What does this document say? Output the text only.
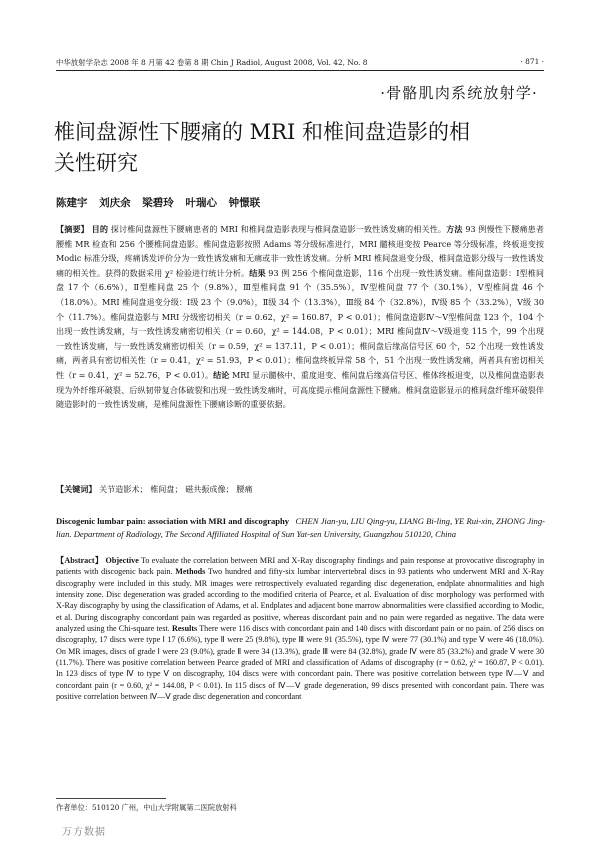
中华放射学杂志 2008 年 8 月第 42 卷第 8 期 Chin J Radiol, August 2008, Vol. 42, No. 8	· 871 ·
·骨骼肌肉系统放射学·
椎间盘源性下腰痛的 MRI 和椎间盘造影的相关性研究
陈建宇 刘庆余 梁碧玲 叶瑞心 钟憬联

【摘要】 目的 探讨椎间盘源性下腰痛患者的 MRI 和椎间盘造影表现与椎间盘造影一致性诱发痛的相关性。方法 93 例慢性下腰痛患者腰椎 MR 检查和 256 个腰椎间盘造影。椎间盘造影按照 Adams 等分级标准进行，MRI 髓核退变按 Pearce 等分级标准，终板退变按 Modic 标准分级，疼痛诱发评价分为一致性诱发痛和无痛或非一致性诱发痛。分析 MRI 椎间盘退变分级、椎间盘造影分级与一致性诱发痛的相关性。获得的数据采用 χ² 检验进行统计分析。结果 93 例 256 个椎间盘造影，116 个出现一致性诱发痛。椎间盘造影：Ⅰ型椎间盘 17 个（6.6%），Ⅱ型椎间盘 25 个（9.8%），Ⅲ型椎间盘 91 个（35.5%），Ⅳ型椎间盘 77 个（30.1%），Ⅴ型椎间盘 46 个（18.0%）。MRI 椎间盘退变分级：Ⅰ级 23 个（9.0%），Ⅱ级 34 个（13.3%），Ⅲ级 84 个（32.8%），Ⅳ级 85 个（33.2%），Ⅴ级 30 个（11.7%）。椎间盘造影与 MRI 分级密切相关（r = 0.62，χ² = 160.87，P < 0.01）；椎间盘造影Ⅳ～Ⅴ型椎间盘 123 个，104 个出现一致性诱发痛，与一致性诱发痛密切相关（r = 0.60，χ² = 144.08，P < 0.01）；MRI 椎间盘Ⅳ～Ⅴ级退变 115 个，99 个出现一致性诱发痛，与一致性诱发痛密切相关（r = 0.59，χ² = 137.11，P < 0.01）；椎间盘后缘高信号区 60 个，52 个出现一致性诱发痛，两者具有密切相关性（r = 0.41，χ² = 51.93，P < 0.01）；椎间盘终板异常 58 个，51 个出现一致性诱发痛，两者具有密切相关性（r = 0.41，χ² = 52.76，P < 0.01）。结论 MRI 显示髓核中、重度退变、椎间盘后缘高信号区、椎体终板退变，以及椎间盘造影表现为外纤维环破裂、后纵韧带复合体破裂和出现一致性诱发痛时，可高度提示椎间盘源性下腰痛。椎间盘造影显示的椎间盘纤维环破裂伴随造影时的一致性诱发痛，是椎间盘源性下腰痛诊断的重要依据。

【关键词】 关节造影术； 椎间盘； 磁共振成像； 腰痛

Discogenic lumbar pain: association with MRI and discography CHEN Jian-yu, LIU Qing-yu, LIANG Bi-ling, YE Rui-xin, ZHONG Jing-lian. Department of Radiology, The Second Affiliated Hospital of Sun Yat-sen University, Guangzhou 510120, China

【Abstract】 Objective To evaluate the correlation between MRI and X-Ray discography findings and pain response at provocative discography in patients with discogenic back pain. Methods Two hundred and fifty-six lumbar intervertebral discs in 93 patients who underwent MRI and X-Ray discography were included in this study. MR images were retrospectively evaluated regarding disc degeneration, endplate abnormalities and high intensity zone. Disc degeneration was graded according to the modified criteria of Pearce, et al. Evaluation of disc morphology was performed with X-Ray discography by using the classification of Adams, et al. Endplates and adjacent bone marrow abnormalities were classified according to Modic, et al. During discography concordant pain was regarded as positive, whereas discordant pain and no pain were regarded as negative. The data were analyzed using the Chi-square test. Results There were 116 discs with concordant pain and 140 discs with discordant pain or no pain. of 256 discs on discography, 17 discs were type Ⅰ 17 (6.6%), type Ⅱ were 25 (9.8%), type Ⅲ were 91 (35.5%), type Ⅳ were 77 (30.1%) and type Ⅴ were 46 (18.0%). On MR images, discs of grade Ⅰ were 23 (9.0%), grade Ⅱ were 34 (13.3%), grade Ⅲ were 84 (32.8%), grade Ⅳ were 85 (33.2%) and grade Ⅴ were 30 (11.7%). There was positive correlation between Pearce graded of MRI and classification of Adams of discography (r = 0.62, χ² = 160.87, P < 0.01). In 123 discs of type Ⅳ to type Ⅴ on discography, 104 discs were with concordant pain. There was positive correlation between type Ⅳ—Ⅴ and concordant pain (r = 0.60, χ² = 144.08, P < 0.01). In 115 discs of Ⅳ—Ⅴ grade degeneration, 99 discs presented with concordant pain. There was positive correlation between Ⅳ—Ⅴ grade disc degeneration and concordant

作者单位：510120 广州，中山大学附属第二医院放射科
万方数据
